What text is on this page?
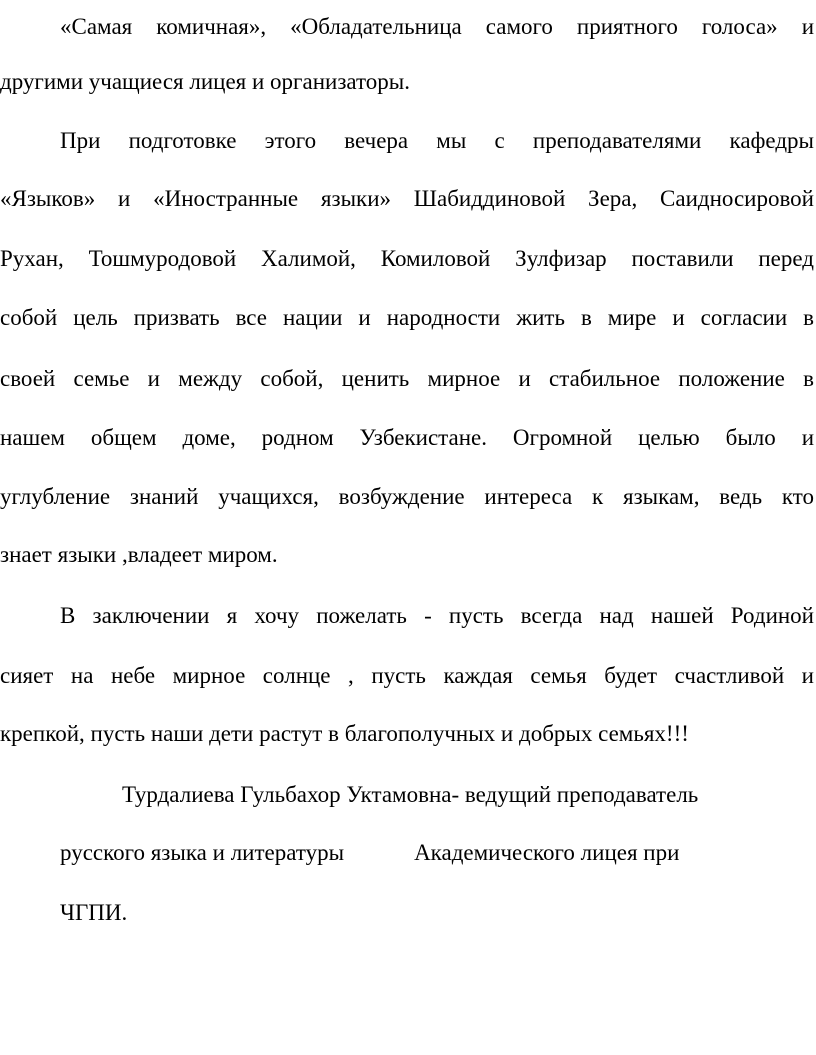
«Самая комичная», «Обладательница самого приятного голоса» и
другими учащиеся лицея и организаторы.
При подготовке этого вечера мы с преподавателями кафедры
«Языков» и «Иностранные языки» Шабиддиновой Зера, Саидносировой
Рухан, Тошмуродовой Халимой, Комиловой Зулфизар поставили перед
собой цель призвать все нации и народности жить в мире и согласии в
своей семье и между собой, ценить мирное и стабильное положение в
нашем общем доме, родном Узбекистане. Огромной целью было и
углубление знаний учащихся, возбуждение интереса к языкам, ведь кто
знает языки ,владеет миром.
В заключении я хочу пожелать - пусть всегда над нашей Родиной
сияет на небе мирное солнце , пусть каждая семья будет счастливой и
крепкой, пусть наши дети растут в благополучных и добрых семьях!!!
Турдалиева Гульбахор Уктамовна- ведущий преподаватель
русского языка и литературы	Академического лицея при
ЧГПИ.
